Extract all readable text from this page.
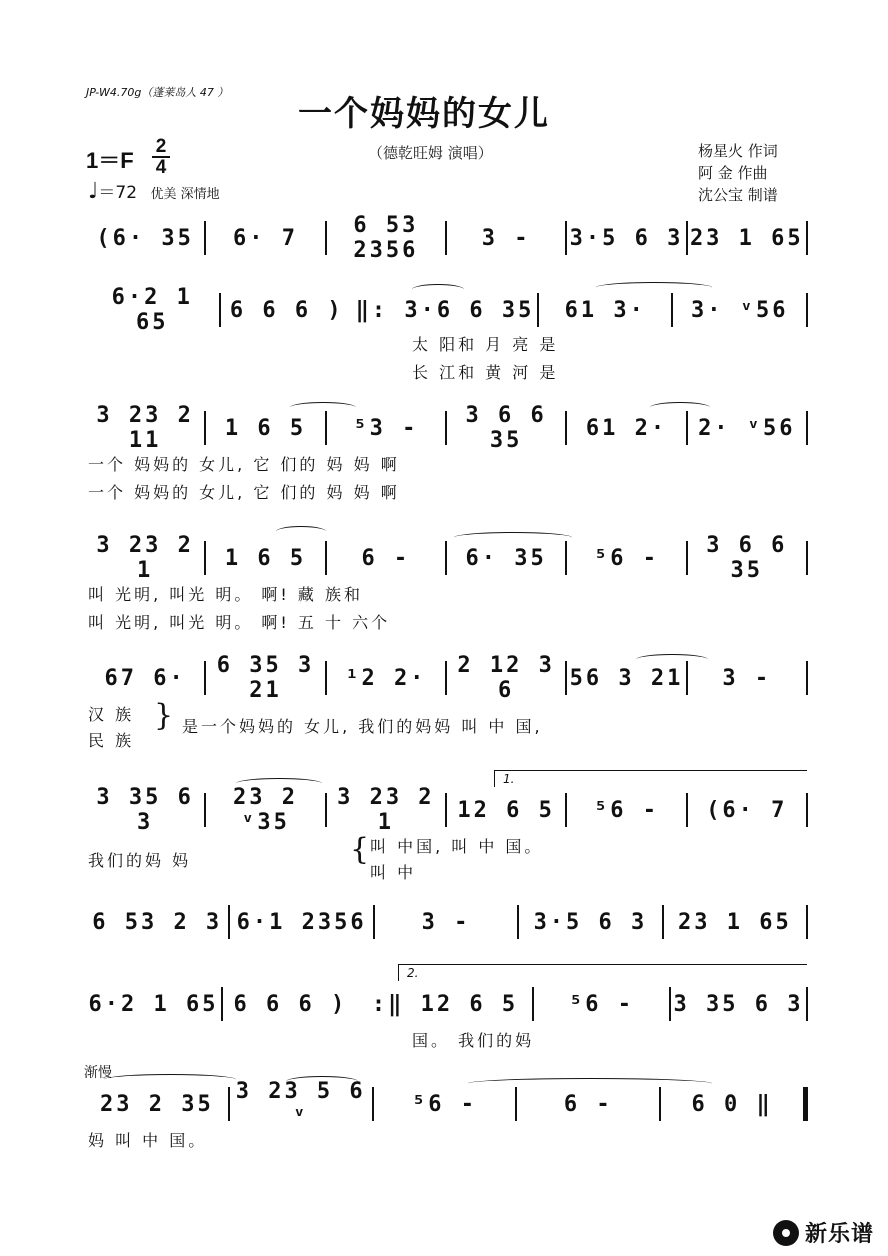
JP-W4.70g（蓬莱岛人 47 ）
一个妈妈的女儿
1＝F
2
4
♩＝72 优美 深情地
（德乾旺姆 演唱）	杨星火 作词
阿 金 作曲
沈公宝 制谱
(6· 35	6· 7	6 53 2356	3 -	3·5 6 3 23 1 65
6·2 1 65	6 6 6 ) ‖: 3·6 6 35	61 3·	3· ᵛ56
太 阳和 月 亮 是
长 江和 黄 河 是
3 23 2 11	1 6 5	⁵3 -	3 6 6 35	61 2·	2· ᵛ56
一个 妈妈的 女儿, 它 们的 妈 妈 啊
一个 妈妈的 女儿, 它 们的 妈 妈 啊
3 23 2 1	1 6 5	6 -	6· 35	⁵6 -	3 6 6 35
叫 光明, 叫光 明。 啊! 藏 族和
叫 光明, 叫光 明。 啊! 五 十 六个
67 6·	6 35 3 21	¹2 2·	2 12 3 6	56 3 21	3 -
汉 族
民 族
} 是一个妈妈的 女儿, 我们的妈妈 叫 中 国,
1.
3 35 6 3
23 2 ᵛ35
3 23 2 1	12 6 5	⁵6 -	(6· 7
我们的妈 妈	{ 叫 中国, 叫 中 国。
叫 中
6 53 2 3 6·1 2356	3 -	3·5 6 3	23 1 65
2.
6·2 1 65 6 6 6 )	:‖ 12 6 5	⁵6 -	3 35 6 3
国。 我们的妈
渐慢
23 2 35 3 23 5 6 ᵛ	⁵6 -	6 -	6 0 ‖
妈 叫 中 国。
新乐谱
